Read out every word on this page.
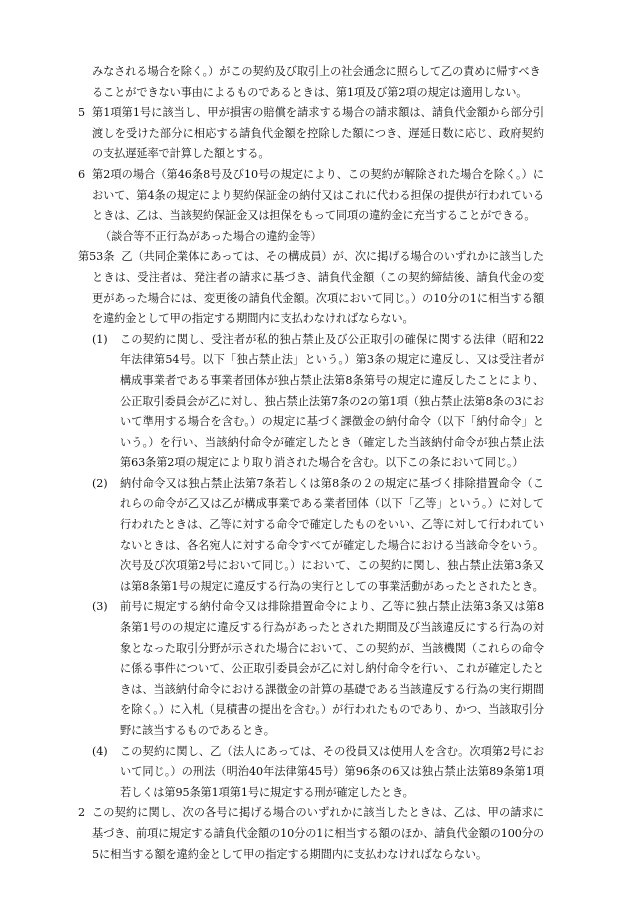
みなされる場合を除く。）がこの契約及び取引上の社会通念に照らして乙の責めに帰すべき
ることができない事由によるものであるときは、第1項及び第2項の規定は適用しない。

5 第1項第1号に該当し、甲が損害の賠償を請求する場合の請求額は、請負代金額から部分引渡しを受けた部分に相応する請負代金額を控除した額につき、遅延日数に応じ、政府契約の支払遅延率で計算した額とする。

6 第2項の場合（第46条8号及び10号の規定により、この契約が解除された場合を除く。）において、第4条の規定により契約保証金の納付又はこれに代わる担保の提供が行われているときは、乙は、当該契約保証金又は担保をもって同項の違約金に充当することができる。

（談合等不正行為があった場合の違約金等）

第53条 乙（共同企業体にあっては、その構成員）が、次に掲げる場合のいずれかに該当したときは、受注者は、発注者の請求に基づき、請負代金額（この契約締結後、請負代金の変更があった場合には、変更後の請負代金額。次項において同じ。）の10分の1に相当する額を違約金として甲の指定する期間内に支払わなければならない。

(1) この契約に関し、受注者が私的独占禁止及び公正取引の確保に関する法律（昭和22年法律第54号。以下「独占禁止法」という。）第3条の規定に違反し、又は受注者が構成事業者である事業者団体が独占禁止法第8条第号の規定に違反したことにより、公正取引委員会が乙に対し、独占禁止法第7条の2の第1項（独占禁止法第8条の3において準用する場合を含む。）の規定に基づく課徴金の納付命令（以下「納付命令」という。）を行い、当該納付命令が確定したとき（確定した当該納付命令が独占禁止法第63条第2項の規定により取り消された場合を含む。以下この条において同じ。）

(2) 納付命令又は独占禁止法第7条若しくは第8条の２の規定に基づく排除措置命令（これらの命令が乙又は乙が構成事業である業者団体（以下「乙等」という。）に対して行われたときは、乙等に対する命令で確定したものをいい、乙等に対して行われていないときは、各名宛人に対する命令すべてが確定した場合における当該命令をいう。次号及び次項第2号において同じ。）において、この契約に関し、独占禁止法第3条又は第8条第1号の規定に違反する行為の実行としての事業活動があったとされたとき。

(3) 前号に規定する納付命令又は排除措置命令により、乙等に独占禁止法第3条又は第8条第1号のの規定に違反する行為があったとされた期間及び当該違反にする行為の対象となった取引分野が示された場合において、この契約が、当該機関（これらの命令に係る事件について、公正取引委員会が乙に対し納付命令を行い、これが確定したときは、当該納付命令における課徴金の計算の基礎である当該違反する行為の実行期間を除く。）に入札（見積書の提出を含む。）が行われたものであり、かつ、当該取引分野に該当するものであるとき。

(4) この契約に関し、乙（法人にあっては、その役員又は使用人を含む。次項第2号において同じ。）の刑法（明治40年法律第45号）第96条の6又は独占禁止法第89条第1項若しくは第95条第1項第1号に規定する刑が確定したとき。

2 この契約に関し、次の各号に掲げる場合のいずれかに該当したときは、乙は、甲の請求に基づき、前項に規定する請負代金額の10分の1に相当する額のほか、請負代金額の100分の5に相当する額を違約金として甲の指定する期間内に支払わなければならない。
